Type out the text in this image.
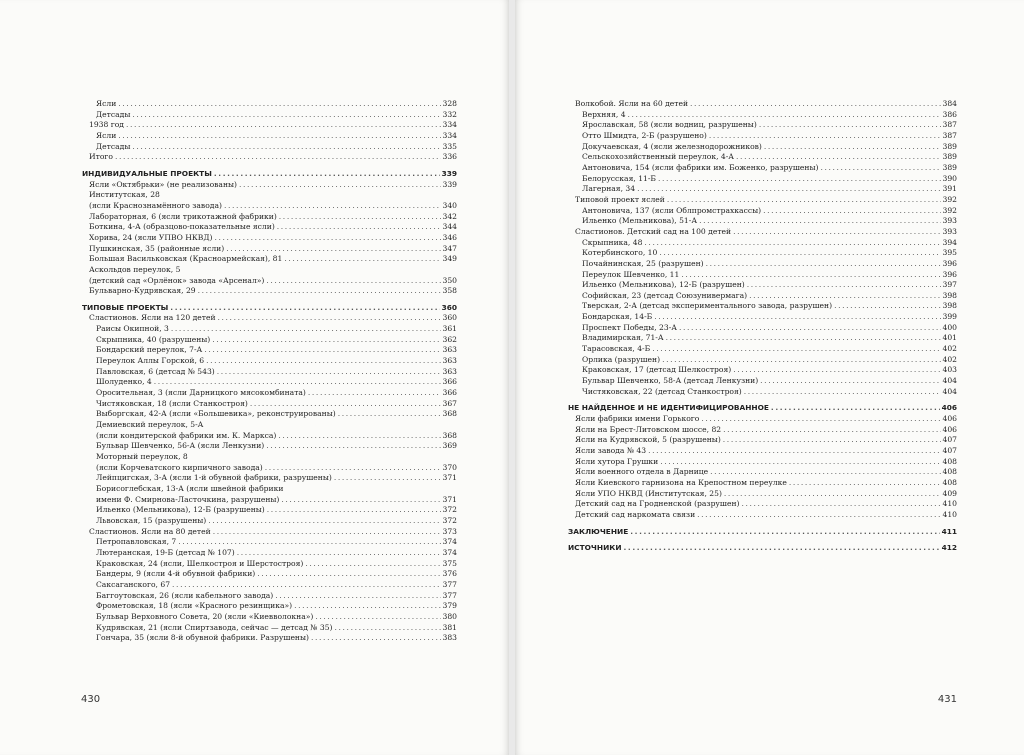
Ясли .....	328
Детсады .....	332
1938 год .....	334
Ясли .....	334
Детсады .....	335
Итого .....	336
ИНДИВИДУАЛЬНЫЕ ПРОЕКТЫ .....	339
Ясли «Октябрьки» (не реализованы) .....	339
Институтская, 28
(ясли Краснознамённого завода) .....	340
Лабораторная, 6 (ясли трикотажной фабрики) .....	342
Боткина, 4-А (образцово-показательные ясли) .....	344
Хорива, 24 (ясли УПВО НКВД) .....	346
Пушкинская, 35 (районные ясли) .....	347
Большая Васильковская (Красноармейская), 81 .....	349
Аскольдов переулок, 5
(детский сад «Орлёнок» завода «Арсенал») .....	350
Бульварно-Кудрявская, 29 .....	358
ТИПОВЫЕ ПРОЕКТЫ .....	360
Сластионов. Ясли на 120 детей .....	360
Раисы Окипной, 3 .....	361
Скрыпника, 40 (разрушены) .....	362
Бондарский переулок, 7-А .....	363
Переулок Аллы Горской, 6 .....	363
Павловская, 6 (детсад № 543) .....	363
Шолуденко, 4 .....	366
Оросительная, 3 (ясли Дарницкого мясокомбината) .....	366
Чистяковская, 18 (ясли Станкостроя) .....	367
Выборгская, 42-А (ясли «Большевика», реконструированы) .....	368
Демиевский переулок, 5-А
(ясли кондитерской фабрики им. К. Маркса) .....	368
Бульвар Шевченко, 56-А (ясли Ленкузни) .....	369
Моторный переулок, 8
(ясли Корчеватского кирпичного завода) .....	370
Лейпцигская, 3-А (ясли 1-й обувной фабрики, разрушены) .....	371
Борисоглебская, 13-А (ясли швейной фабрики
имени Ф. Смирнова-Ласточкина, разрушены) .....	371
Ильенко (Мельникова), 12-Б (разрушены) .....	372
Львовская, 15 (разрушены) .....	372
Сластионов. Ясли на 80 детей .....	373
Петропавловская, 7 .....	374
Лютеранская, 19-Б (детсад № 107) .....	374
Краковская, 24 (ясли, Шелкостроя и Шерстостроя) .....	375
Бандеры, 9 (ясли 4-й обувной фабрики) .....	376
Саксаганского, 67 .....	377
Баггоутовская, 26 (ясли кабельного завода) .....	377
Фрометовская, 18 (ясли «Красного резинщика») .....	379
Бульвар Верховного Совета, 20 (ясли «Киевволокна») .....	380
Кудрявская, 21 (ясли Спиртзавода, сейчас — детсад № 35) .....	381
Гончара, 35 (ясли 8-й обувной фабрики. Разрушены) .....	383
430
Волкобой. Ясли на 60 детей .....	384
Верхняя, 4 .....	386
Ярославская, 58 (ясли водниц, разрушены) .....	387
Отто Шмидта, 2-Б (разрушено) .....	387
Докучаевская, 4 (ясли железнодорожников) .....	389
Сельскохозяйственный переулок, 4-А .....	389
Антоновича, 154 (ясли фабрики им. Боженко, разрушены) .....	389
Белорусская, 11-Б .....	390
Лагерная, 34 .....	391
Типовой проект яслей .....	392
Антоновича, 137 (ясли Облпромстрахкассы) .....	392
Ильенко (Мельникова), 51-А .....	393
Сластионов. Детский сад на 100 детей .....	393
Скрыпника, 48 .....	394
Котербинского, 10 .....	395
Почайнинская, 25 (разрушен) .....	396
Переулок Шевченко, 11 .....	396
Ильенко (Мельникова), 12-Б (разрушен) .....	397
Софийская, 23 (детсад Союзунивермага) .....	398
Тверская, 2-А (детсад экспериментального завода, разрушен) .....	398
Бондарская, 14-Б .....	399
Проспект Победы, 23-А .....	400
Владимирская, 71-А .....	401
Тарасовская, 4-Б .....	402
Орлика (разрушен) .....	402
Краковская, 17 (детсад Шелкостроя) .....	403
Бульвар Шевченко, 58-А (детсад Ленкузни) .....	404
Чистяковская, 22 (детсад Станкостроя) .....	404
НЕ НАЙДЕННОЕ И НЕ ИДЕНТИФИЦИРОВАННОЕ .....	406
Ясли фабрики имени Горького .....	406
Ясли на Брест-Литовском шоссе, 82 .....	406
Ясли на Кудрявской, 5 (разрушены) .....	407
Ясли завода № 43 .....	407
Ясли хутора Грушки .....	408
Ясли военного отдела в Дарнице .....	408
Ясли Киевского гарнизона на Крепостном переулке .....	408
Ясли УПО НКВД (Институтская, 25) .....	409
Детский сад на Гродненской (разрушен) .....	410
Детский сад наркомата связи .....	410
ЗАКЛЮЧЕНИЕ .....	411
ИСТОЧНИКИ .....	412
431
